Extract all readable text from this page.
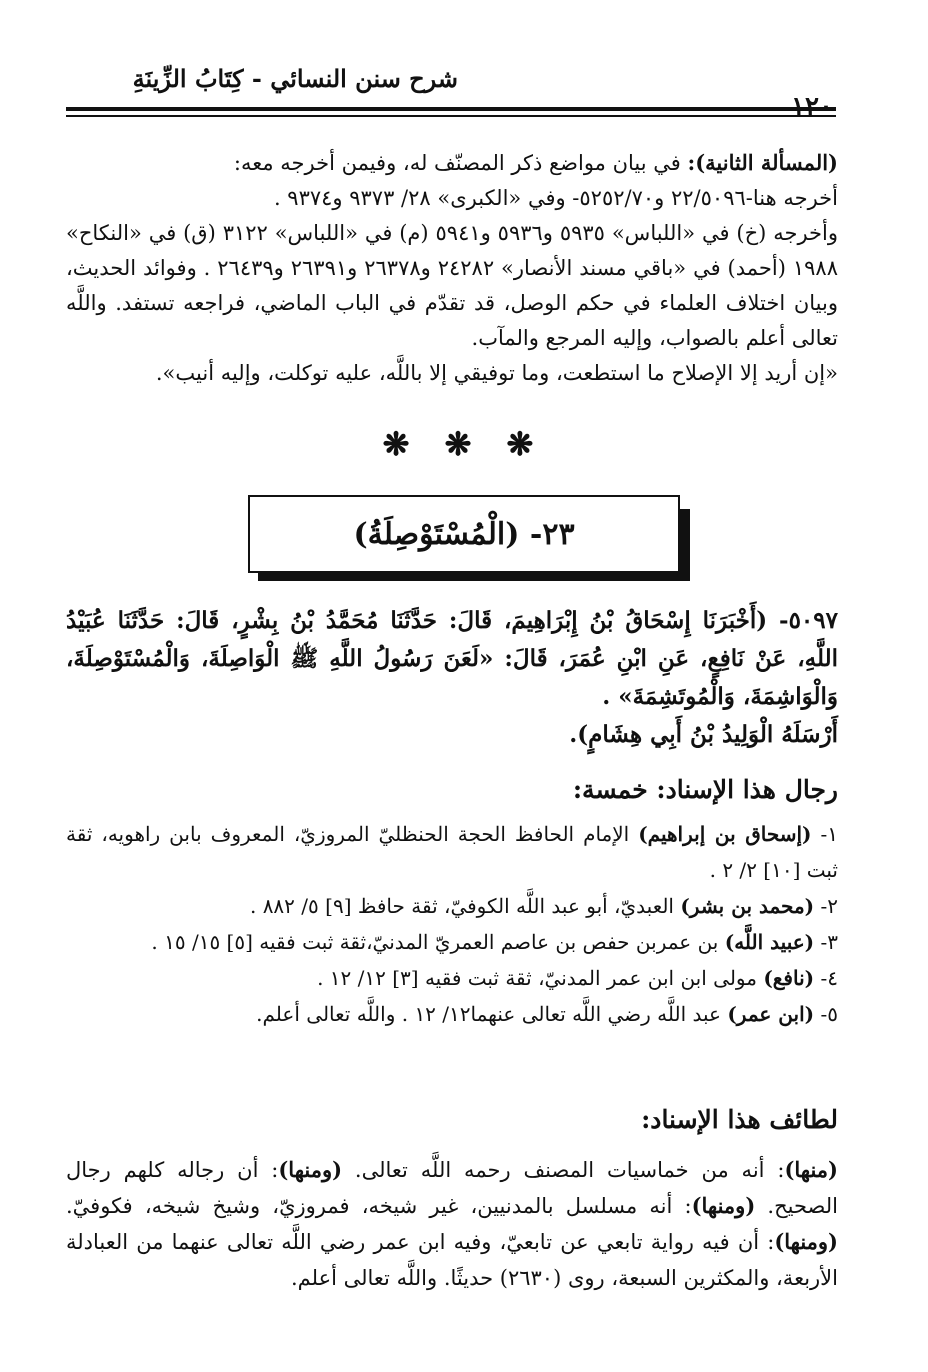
شرح سنن النسائي - كِتَابُ الزِّينَةِ
(المسألة الثانية): في بيان مواضع ذكر المصنّف له، وفيمن أخرجه معه:
أخرجه هنا-٢٢/٥٠٩٦ و٥٢٥٢/٧٠- وفي «الكبرى» ٢٨/ ٩٣٧٣ و٩٣٧٤ .
وأخرجه (خ) في «اللباس» ٥٩٣٥ و٥٩٣٦ و٥٩٤١ (م) في «اللباس» ٣١٢٢ (ق) في «النكاح» ١٩٨٨ (أحمد) في «باقي مسند الأنصار» ٢٤٢٨٢ و٢٦٣٧٨ و٢٦٣٩١ و٢٦٤٣٩ . وفوائد الحديث، وبيان اختلاف العلماء في حكم الوصل، قد تقدّم في الباب الماضي، فراجعه تستفد. واللَّه تعالى أعلم بالصواب، وإليه المرجع والمآب.
«إن أريد إلا الإصلاح ما استطعت، وما توفيقي إلا باللَّه، عليه توكلت، وإليه أنيب».
❋ ❋ ❋
٢٣- (الْمُسْتَوْصِلَةُ)
٥٠٩٧- (أَخْبَرَنَا إِسْحَاقُ بْنُ إِبْرَاهِيمَ، قَالَ: حَدَّثَنَا مُحَمَّدُ بْنُ بِشْرٍ، قَالَ: حَدَّثَنَا عُبَيْدُ اللَّهِ، عَنْ نَافِعٍ، عَنِ ابْنِ عُمَرَ، قَالَ: «لَعَنَ رَسُولُ اللَّهِ ﷺ الْوَاصِلَةَ، وَالْمُسْتَوْصِلَةَ، وَالْوَاشِمَةَ، وَالْمُوتَشِمَةَ» .
أَرْسَلَهُ الْوَلِيدُ بْنُ أَبِي هِشَامٍ).
رجال هذا الإسناد: خمسة:
١- (إسحاق بن إبراهيم) الإمام الحافظ الحجة الحنظليّ المروزيّ، المعروف بابن راهويه، ثقة ثبت [١٠] ٢/ ٢ .
٢- (محمد بن بشر) العبديّ، أبو عبد اللَّه الكوفيّ، ثقة حافظ [٩] ٥/ ٨٨٢ .
٣- (عبيد اللَّه) بن عمربن حفص بن عاصم العمريّ المدنيّ،ثقة ثبت فقيه [٥] ١٥/ ١٥ .
٤- (نافع) مولى ابن ابن عمر المدنيّ، ثقة ثبت فقيه [٣] ١٢/ ١٢ .
٥- (ابن عمر) عبد اللَّه رضي اللَّه تعالى عنهما١٢/ ١٢ . واللَّه تعالى أعلم.
لطائف هذا الإسناد:
(منها): أنه من خماسيات المصنف رحمه اللَّه تعالى. (ومنها): أن رجاله كلهم رجال الصحيح. (ومنها): أنه مسلسل بالمدنيين، غير شيخه، فمروزيّ، وشيخ شيخه، فكوفيّ. (ومنها): أن فيه رواية تابعي عن تابعيّ، وفيه ابن عمر رضي اللَّه تعالى عنهما من العبادلة الأربعة، والمكثرين السبعة، روى (٢٦٣٠) حديثًا. واللَّه تعالى أعلم.
